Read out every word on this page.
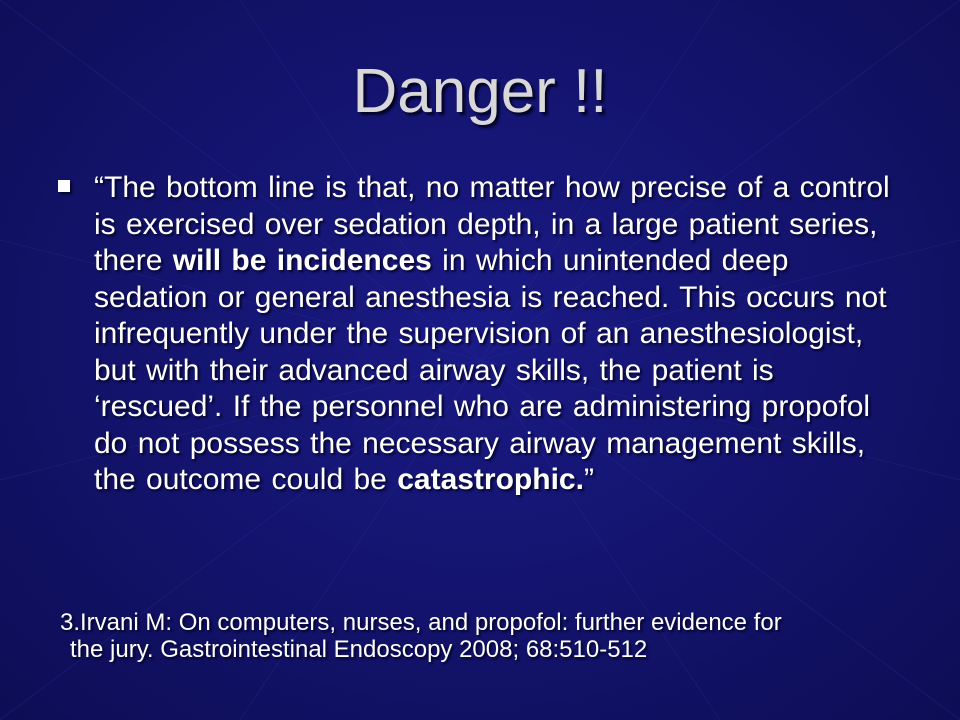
Danger !!
“The bottom line is that, no matter how precise of a control is exercised over sedation depth, in a large patient series, there will be incidences in which unintended deep sedation or general anesthesia is reached. This occurs not infrequently under the supervision of an anesthesiologist, but with their advanced airway skills, the patient is ‘rescued’. If the personnel who are administering propofol do not possess the necessary airway management skills, the outcome could be catastrophic.”
3.Irvani M: On computers, nurses, and propofol: further evidence for
the jury. Gastrointestinal Endoscopy 2008; 68:510-512
